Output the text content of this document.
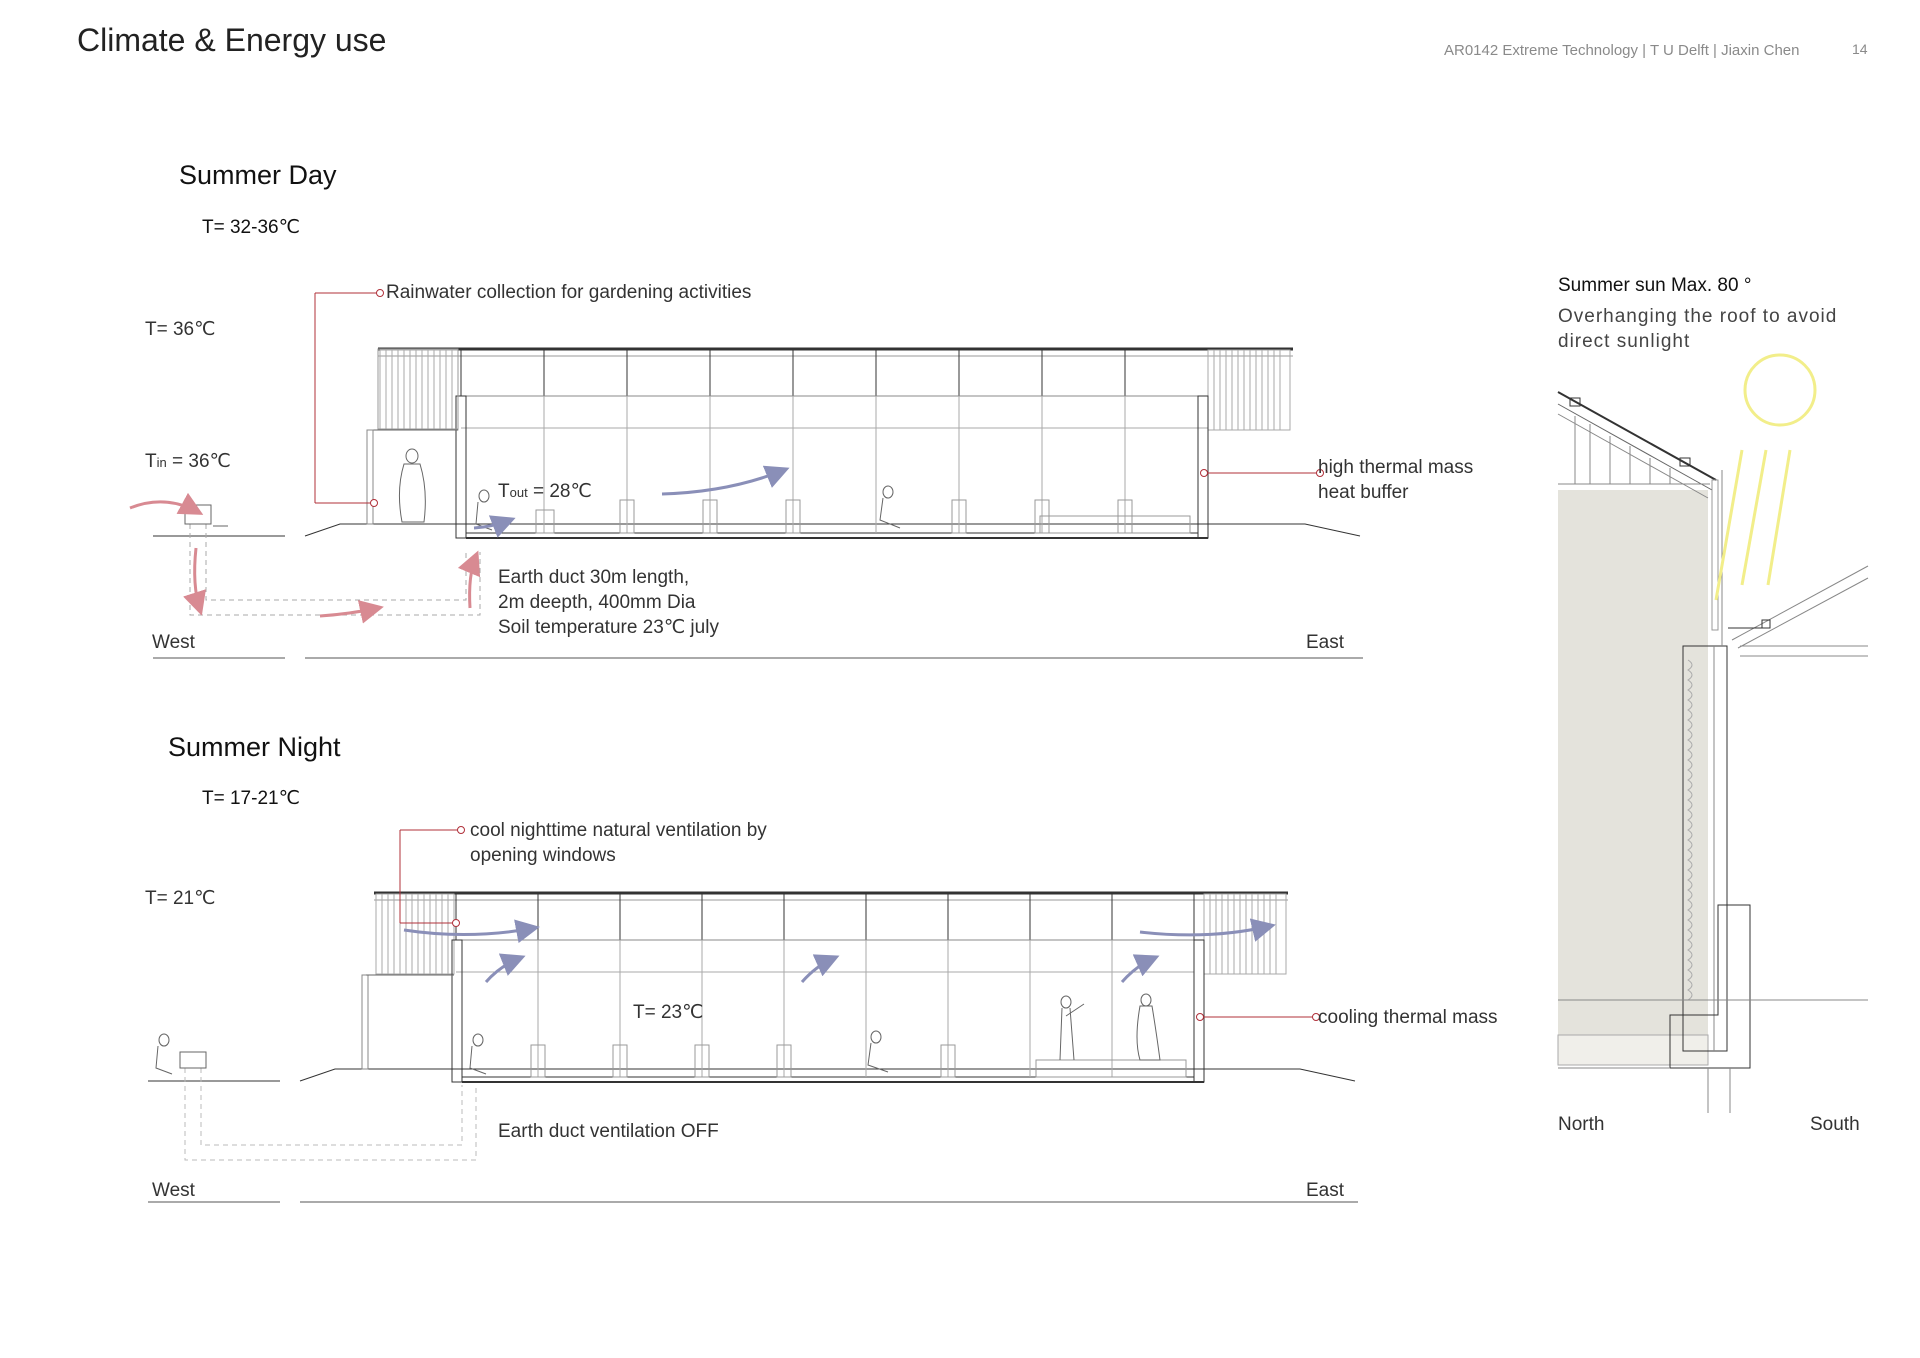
Climate & Energy use	AR0142 Extreme Technology | T U Delft | Jiaxin Chen	14
Summer Day
T= 32-36℃
T= 36℃
Tin = 36℃
Tout = 28℃
Rainwater collection for gardening activities
high thermal mass
heat buffer
Earth duct 30m length,
2m deepth, 400mm Dia
Soil temperature 23℃ july
West	East
Summer Night
T= 17-21℃
T= 21℃
T= 23℃
cool nighttime natural ventilation by
opening windows
cooling thermal mass
Earth duct ventilation OFF
West	East
Summer sun Max. 80 °
Overhanging the roof to avoid direct sunlight
North	South
